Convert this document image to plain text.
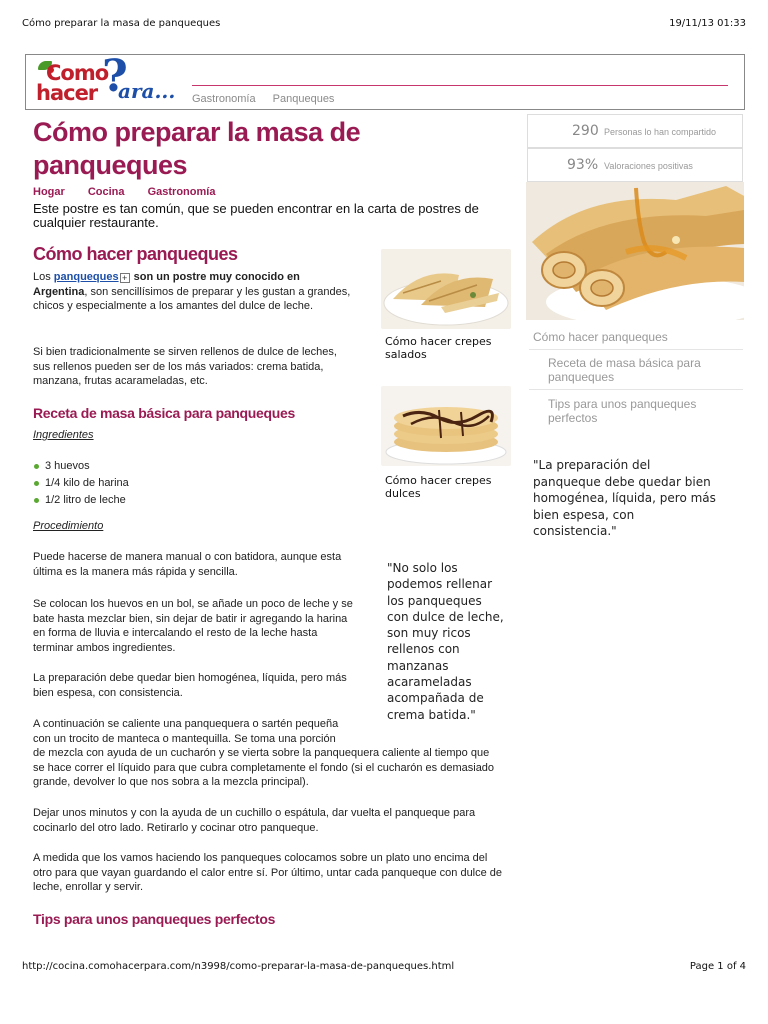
Cómo preparar la masa de panqueques	19/11/13 01:33
Como
hacer ?
ara... Gastronomía Panqueques
Cómo preparar la masa de panqueques
Hogar Cocina Gastronomía

Este postre es tan común, que se pueden encontrar en la carta de postres de cualquier restaurante.

Cómo hacer panqueques

Los panqueques + son un postre muy conocido en Argentina, son sencillísimos de preparar y les gustan a grandes, chicos y especialmente a los amantes del dulce de leche.

Si bien tradicionalmente se sirven rellenos de dulce de leches, sus rellenos pueden ser de los más variados: crema batida, manzana, frutas acarameladas, etc.

Receta de masa básica para panqueques
Ingredientes
3 huevos
1/4 kilo de harina
1/2 litro de leche
Procedimiento

Puede hacerse de manera manual o con batidora, aunque esta última es la manera más rápida y sencilla.

Se colocan los huevos en un bol, se añade un poco de leche y se bate hasta mezclar bien, sin dejar de batir ir agregando la harina en forma de lluvia e intercalando el resto de la leche hasta terminar ambos ingredientes.

La preparación debe quedar bien homogénea, líquida, pero más bien espesa, con consistencia.

A continuación se caliente una panquequera o sartén pequeña con un trocito de manteca o mantequilla. Se toma una porción

de mezcla con ayuda de un cucharón y se vierta sobre la panquequera caliente al tiempo que se hace correr el líquido para que cubra completamente el fondo (si el cucharón es demasiado grande, devolver lo que nos sobra a la mezcla principal).

Dejar unos minutos y con la ayuda de un cuchillo o espátula, dar vuelta el panqueque para cocinarlo del otro lado. Retirarlo y cocinar otro panqueque.

A medida que los vamos haciendo los panqueques colocamos sobre un plato uno encima del otro para que vayan guardando el calor entre sí. Por último, untar cada panqueque con dulce de leche, enrollar y servir.

Tips para unos panqueques perfectos
Cómo hacer crepes salados
Cómo hacer crepes dulces

"No solo los podemos rellenar los panqueques con dulce de leche, son muy ricos rellenos con manzanas acarameladas acompañada de crema batida."

290 Personas lo han compartido
93% Valoraciones positivas
Cómo hacer panqueques
Receta de masa básica para panqueques
Tips para unos panqueques perfectos

"La preparación del panqueque debe quedar bien homogénea, líquida, pero más bien espesa, con consistencia."

http://cocina.comohacerpara.com/n3998/como-preparar-la-masa-de-panqueques.html	Page 1 of 4
